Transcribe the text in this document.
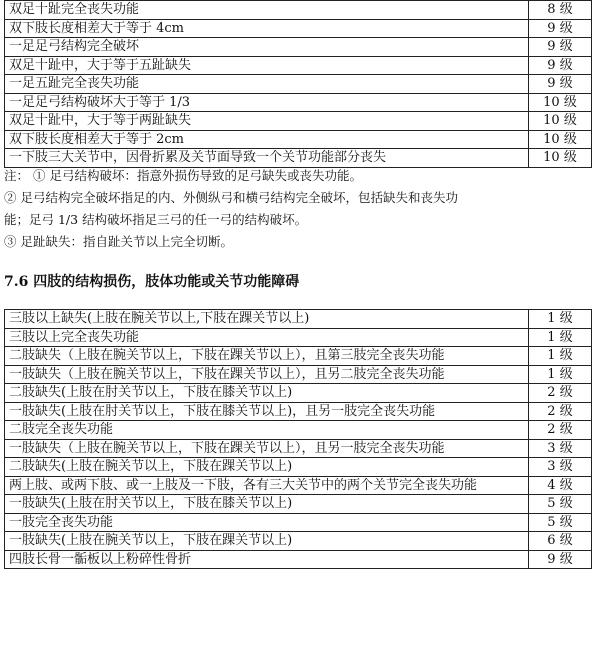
双足十趾完全丧失功能	8 级
双下肢长度相差大于等于 4cm	9 级
一足足弓结构完全破坏	9 级
双足十趾中，大于等于五趾缺失	9 级
一足五趾完全丧失功能	9 级
一足足弓结构破坏大于等于 1/3	10 级
双足十趾中，大于等于两趾缺失	10 级
双下肢长度相差大于等于 2cm	10 级
一下肢三大关节中，因骨折累及关节面导致一个关节功能部分丧失	10 级
注： ① 足弓结构破坏：指意外损伤导致的足弓缺失或丧失功能。
② 足弓结构完全破坏指足的内、外侧纵弓和横弓结构完全破坏，包括缺失和丧失功
能；足弓 1/3 结构破坏指足三弓的任一弓的结构破坏。
③ 足趾缺失：指自趾关节以上完全切断。
7.6 四肢的结构损伤，肢体功能或关节功能障碍
三肢以上缺失(上肢在腕关节以上,下肢在踝关节以上)	1 级
三肢以上完全丧失功能	1 级
二肢缺失（上肢在腕关节以上，下肢在踝关节以上），且第三肢完全丧失功能	1 级
一肢缺失（上肢在腕关节以上，下肢在踝关节以上），且另二肢完全丧失功能	1 级
二肢缺失(上肢在肘关节以上，下肢在膝关节以上)	2 级
一肢缺失(上肢在肘关节以上，下肢在膝关节以上)，且另一肢完全丧失功能	2 级
二肢完全丧失功能	2 级
一肢缺失（上肢在腕关节以上，下肢在踝关节以上），且另一肢完全丧失功能	3 级
二肢缺失(上肢在腕关节以上，下肢在踝关节以上)	3 级
两上肢、或两下肢、或一上肢及一下肢，各有三大关节中的两个关节完全丧失功能	4 级
一肢缺失(上肢在肘关节以上，下肢在膝关节以上)	5 级
一肢完全丧失功能	5 级
一肢缺失(上肢在腕关节以上，下肢在踝关节以上)	6 级
四肢长骨一骺板以上粉碎性骨折	9 级
